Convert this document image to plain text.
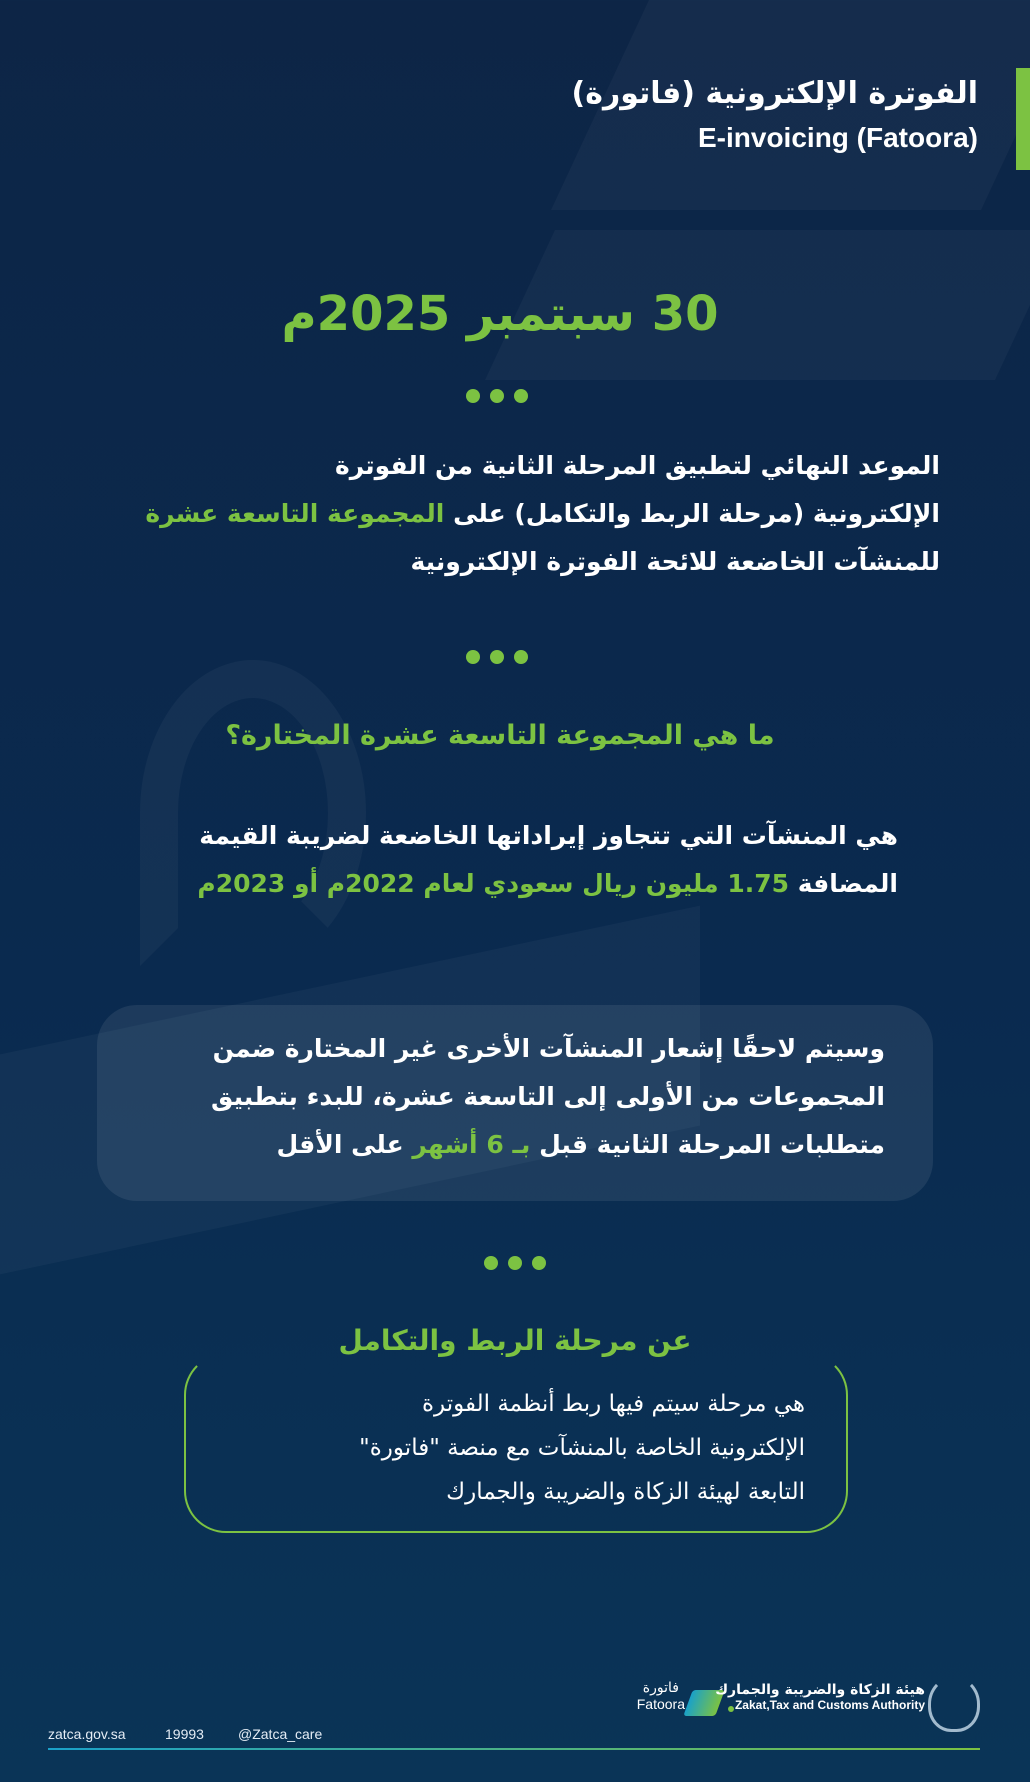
الفوترة الإلكترونية (فاتورة)
E-invoicing (Fatoora)
30 سبتمبر 2025م

الموعد النهائي لتطبيق المرحلة الثانية من الفوترة

الإلكترونية (مرحلة الربط والتكامل) على المجموعة التاسعة عشرة

للمنشآت الخاضعة للائحة الفوترة الإلكترونية

ما هي المجموعة التاسعة عشرة المختارة؟

هي المنشآت التي تتجاوز إيراداتها الخاضعة لضريبة القيمة

المضافة 1.75 مليون ريال سعودي لعام 2022م أو 2023م

وسيتم لاحقًا إشعار المنشآت الأخرى غير المختارة ضمن

المجموعات من الأولى إلى التاسعة عشرة، للبدء بتطبيق

متطلبات المرحلة الثانية قبل بـ 6 أشهر على الأقل

عن مرحلة الربط والتكامل

هي مرحلة سيتم فيها ربط أنظمة الفوترة

الإلكترونية الخاصة بالمنشآت مع منصة "فاتورة"

التابعة لهيئة الزكاة والضريبة والجمارك

zatca.gov.sa	19993 @Zatca_care
فاتورة
Fatoora
هيئة الزكاة والضريبة والجمارك
Zakat,Tax and Customs Authority
